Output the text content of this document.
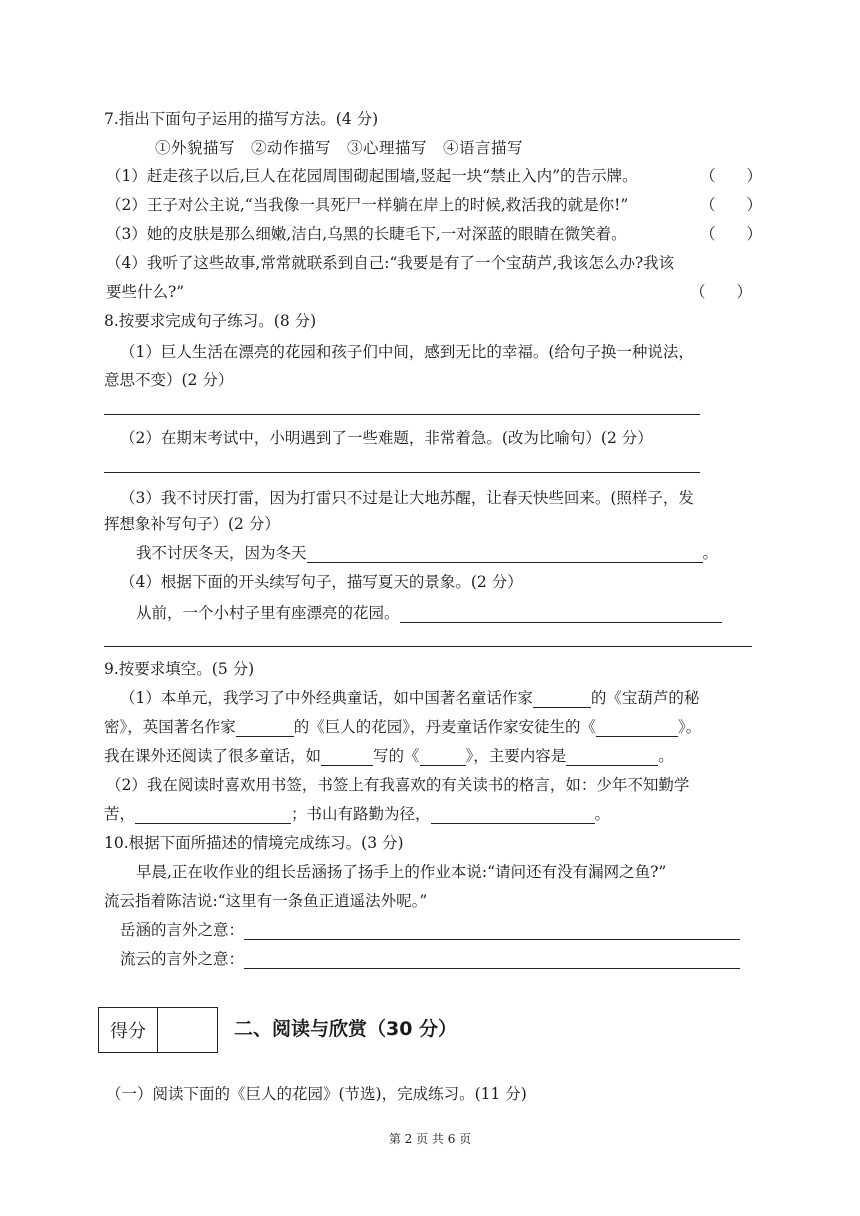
7.指出下面句子运用的描写方法。(4 分)
①外貌描写　②动作描写　③心理描写　④语言描写
（1）赶走孩子以后,巨人在花园周围砌起围墙,竖起一块“禁止入内”的告示牌。	（　　）
（2）王子对公主说,“当我像一具死尸一样躺在岸上的时候,救活我的就是你!”	（　　）
（3）她的皮肤是那么细嫩,洁白,乌黑的长睫毛下,一对深蓝的眼睛在微笑着。	（　　）
（4）我听了这些故事,常常就联系到自己:“我要是有了一个宝葫芦,我该怎么办?我该
要些什么?”	（　　）
8.按要求完成句子练习。(8 分)
（1）巨人生活在漂亮的花园和孩子们中间，感到无比的幸福。(给句子换一种说法，
意思不变）(2 分）
（2）在期末考试中，小明遇到了一些难题，非常着急。(改为比喻句）(2 分）
（3）我不讨厌打雷，因为打雷只不过是让大地苏醒，让春天快些回来。(照样子，发
挥想象补写句子）(2 分）
我不讨厌冬天，因为冬天	。
（4）根据下面的开头续写句子，描写夏天的景象。(2 分）
从前，一个小村子里有座漂亮的花园。
9.按要求填空。(5 分)
（1）本单元，我学习了中外经典童话，如中国著名童话作家	的《宝葫芦的秘
密》，英国著名作家	的《巨人的花园》，丹麦童话作家安徒生的《	》。
我在课外还阅读了很多童话，如	写的《	》，主要内容是	。
（2）我在阅读时喜欢用书签，书签上有我喜欢的有关读书的格言，如：少年不知勤学
苦，	；书山有路勤为径，	。
10.根据下面所描述的情境完成练习。(3 分)
早晨,正在收作业的组长岳涵扬了扬手上的作业本说:“请问还有没有漏网之鱼?”
流云指着陈洁说:“这里有一条鱼正逍遥法外呢。”
岳涵的言外之意：
流云的言外之意：
得分	二、阅读与欣赏（30 分）
（一）阅读下面的《巨人的花园》(节选)，完成练习。(11 分)
第 2 页 共 6 页
